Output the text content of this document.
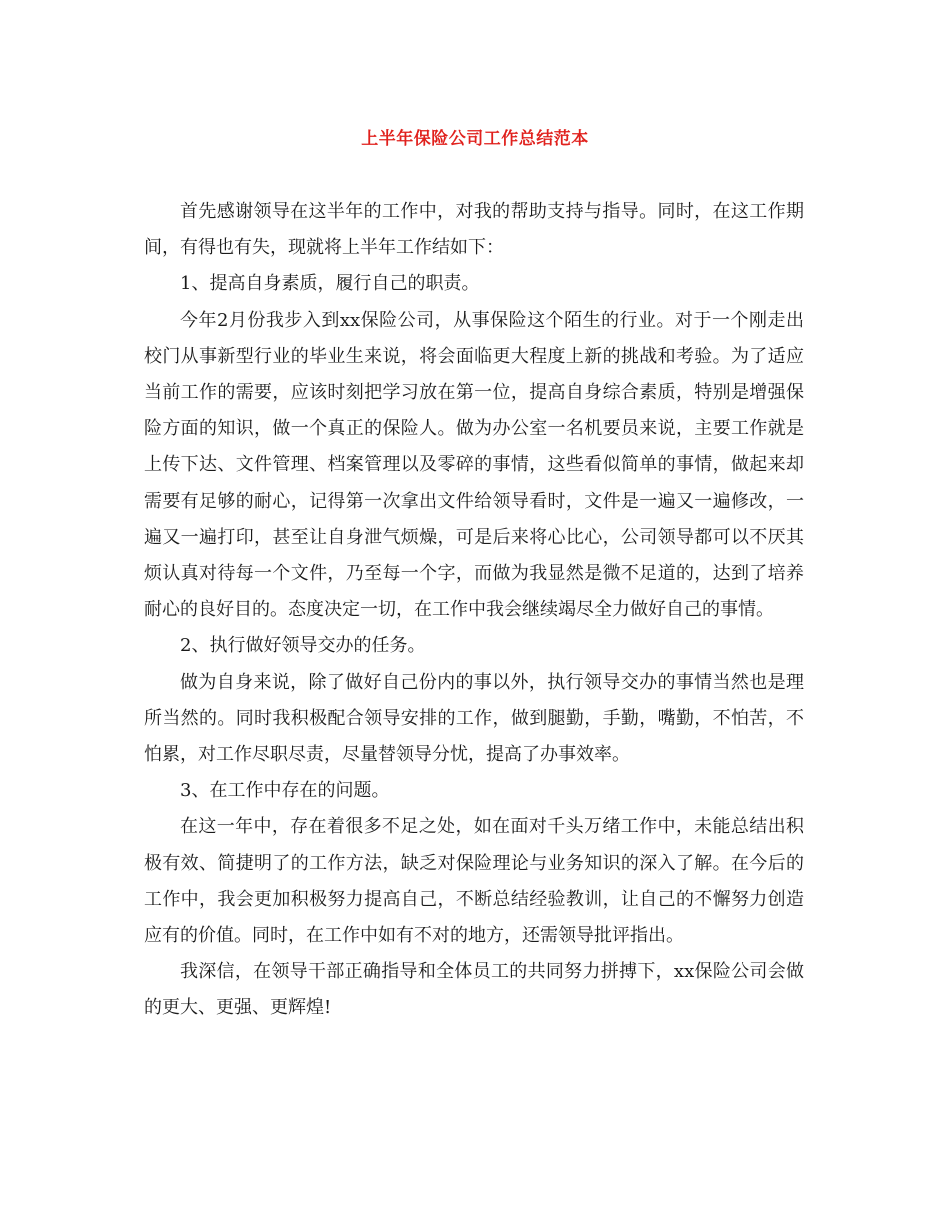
上半年保险公司工作总结范本

首先感谢领导在这半年的工作中，对我的帮助支持与指导。同时，在这工作期间，有得也有失，现就将上半年工作结如下：

1、提高自身素质，履行自己的职责。

今年2月份我步入到xx保险公司，从事保险这个陌生的行业。对于一个刚走出校门从事新型行业的毕业生来说，将会面临更大程度上新的挑战和考验。为了适应当前工作的需要，应该时刻把学习放在第一位，提高自身综合素质，特别是增强保险方面的知识，做一个真正的保险人。做为办公室一名机要员来说，主要工作就是上传下达、文件管理、档案管理以及零碎的事情，这些看似简单的事情，做起来却需要有足够的耐心，记得第一次拿出文件给领导看时，文件是一遍又一遍修改，一遍又一遍打印，甚至让自身泄气烦燥，可是后来将心比心，公司领导都可以不厌其烦认真对待每一个文件，乃至每一个字，而做为我显然是微不足道的，达到了培养耐心的良好目的。态度决定一切，在工作中我会继续竭尽全力做好自己的事情。

2、执行做好领导交办的任务。

做为自身来说，除了做好自己份内的事以外，执行领导交办的事情当然也是理所当然的。同时我积极配合领导安排的工作，做到腿勤，手勤，嘴勤，不怕苦，不怕累，对工作尽职尽责，尽量替领导分忧，提高了办事效率。

3、在工作中存在的问题。

在这一年中，存在着很多不足之处，如在面对千头万绪工作中，未能总结出积极有效、简捷明了的工作方法，缺乏对保险理论与业务知识的深入了解。在今后的工作中，我会更加积极努力提高自己，不断总结经验教训，让自己的不懈努力创造应有的价值。同时，在工作中如有不对的地方，还需领导批评指出。

我深信，在领导干部正确指导和全体员工的共同努力拼搏下，xx保险公司会做的更大、更强、更辉煌!
